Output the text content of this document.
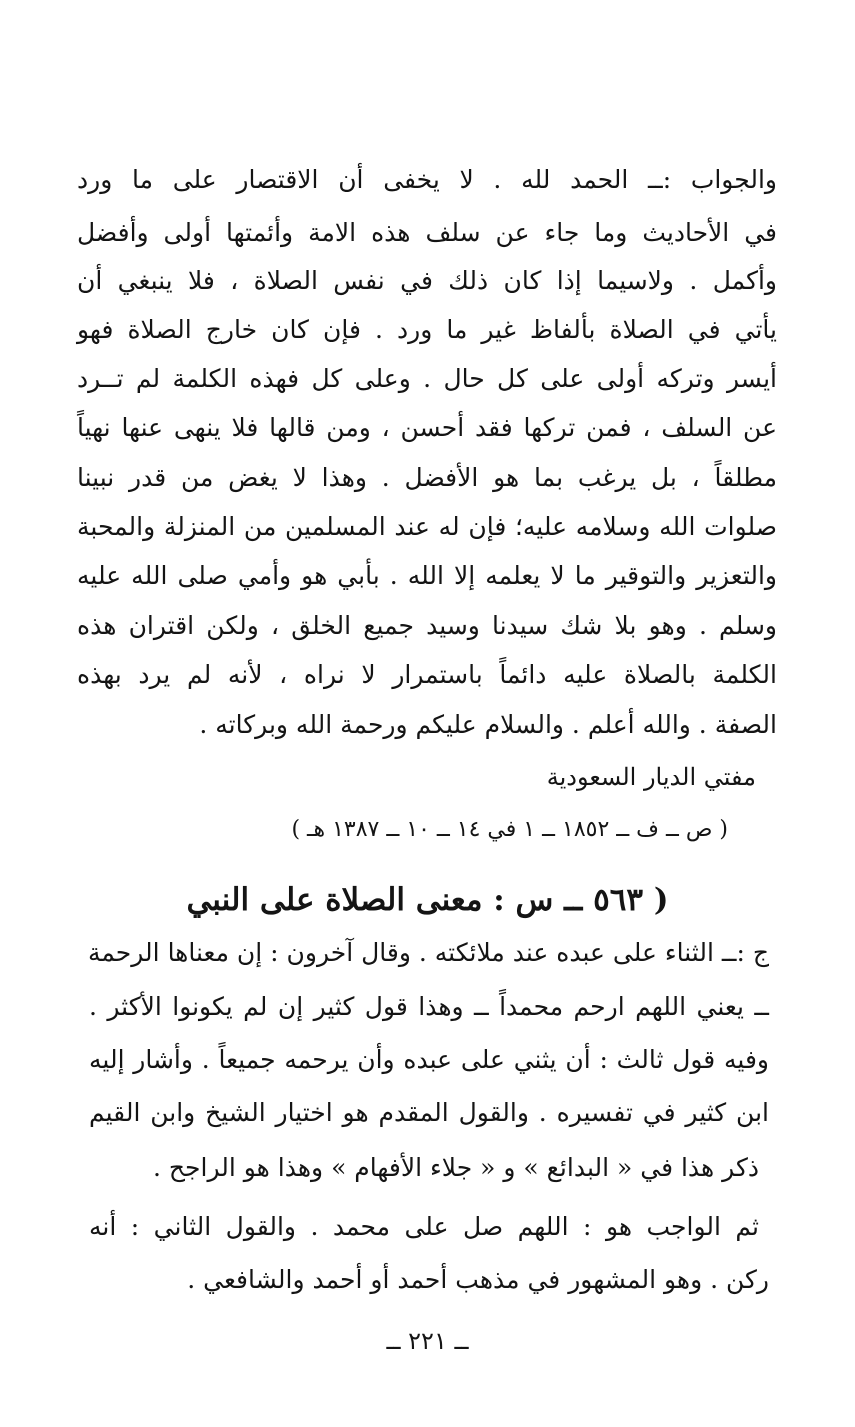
والجواب :ــ الحمد لله . لا يخفى أن الاقتصار على ما ورد
في الأحاديث وما جاء عن سلف هذه الامة وأئمتها أولى وأفضل
وأكمل . ولاسيما إذا كان ذلك في نفس الصلاة ، فلا ينبغي أن
يأتي في الصلاة بألفاظ غير ما ورد . فإن كان خارج الصلاة فهو
أيسر وتركه أولى على كل حال . وعلى كل فهذه الكلمة لم تــرد
عن السلف ، فمن تركها فقد أحسن ، ومن قالها فلا ينهى عنها نهياً
مطلقاً ، بل يرغب بما هو الأفضل . وهذا لا يغض من قدر نبينا
صلوات الله وسلامه عليه؛ فإن له عند المسلمين من المنزلة والمحبة
والتعزير والتوقير ما لا يعلمه إلا الله . بأبي هو وأمي صلى الله عليه
وسلم . وهو بلا شك سيدنا وسيد جميع الخلق ، ولكن اقتران هذه
الكلمة بالصلاة عليه دائماً باستمرار لا نراه ، لأنه لم يرد بهذه
الصفة . والله أعلم . والسلام عليكم ورحمة الله وبركاته .
مفتي الديار السعودية
( ص ــ ف ــ ١٨٥٢ ــ ١ في ١٤ ــ ١٠ ــ ١٣٨٧ هـ )
( ٥٦٣ ــ س : معنى الصلاة على النبي
ج :ــ الثناء على عبده عند ملائكته . وقال آخرون : إن معناها الرحمة
ــ يعني اللهم ارحم محمداً ــ وهذا قول كثير إن لم يكونوا الأكثر .
وفيه قول ثالث : أن يثني على عبده وأن يرحمه جميعاً . وأشار إليه
ابن كثير في تفسيره . والقول المقدم هو اختيار الشيخ وابن القيم
ذكر هذا في « البدائع » و « جلاء الأفهام » وهذا هو الراجح .
ثم الواجب هو : اللهم صل على محمد . والقول الثاني : أنه
ركن . وهو المشهور في مذهب أحمد أو أحمد والشافعي .
ــ ٢٢١ ــ
